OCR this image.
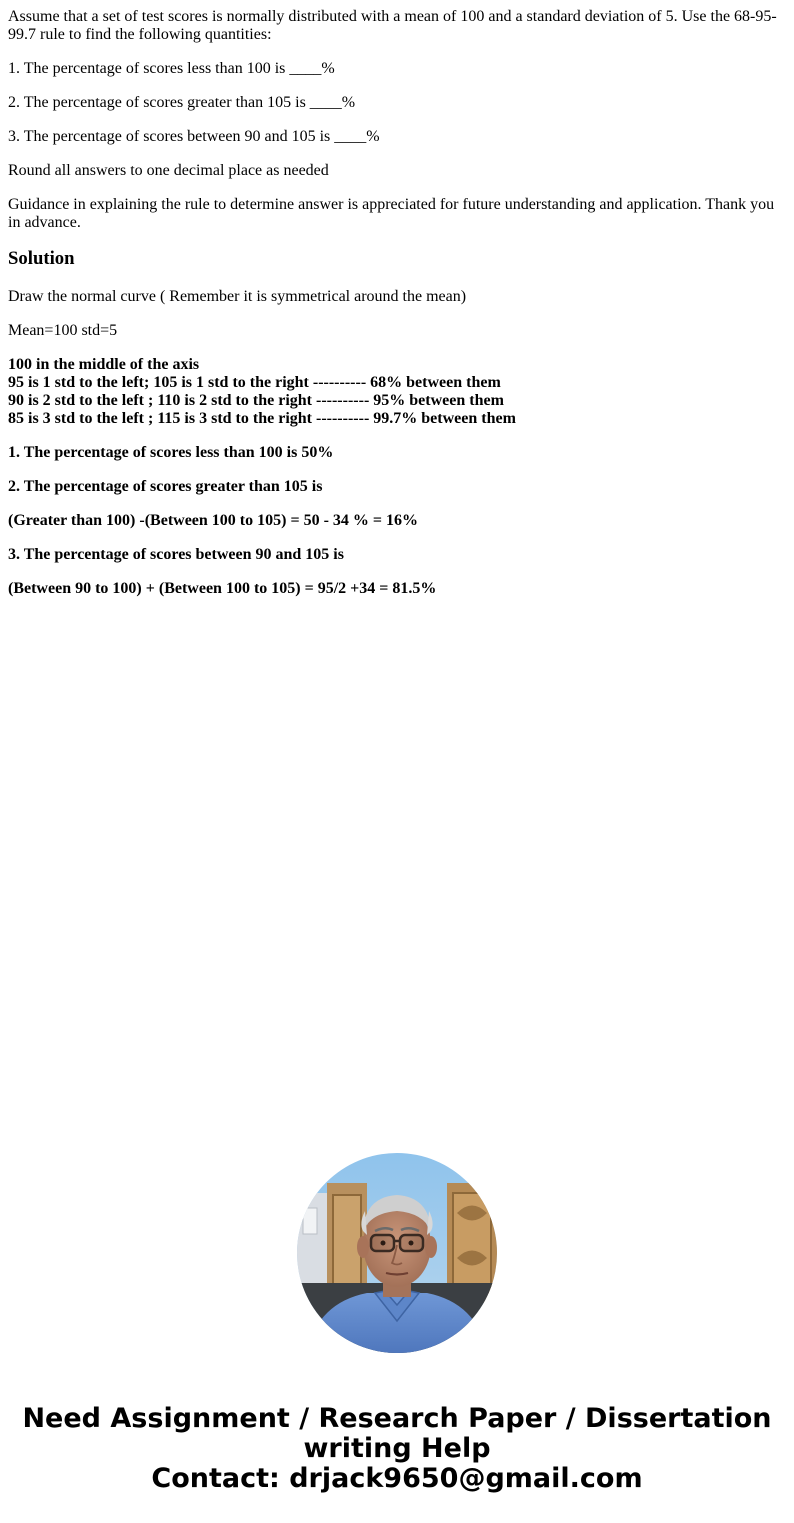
Assume that a set of test scores is normally distributed with a mean of 100 and a standard deviation of 5. Use the 68-95-99.7 rule to find the following quantities:

1. The percentage of scores less than 100 is ____%

2. The percentage of scores greater than 105 is ____%

3. The percentage of scores between 90 and 105 is ____%

Round all answers to one decimal place as needed

Guidance in explaining the rule to determine answer is appreciated for future understanding and application. Thank you in advance.

Solution

Draw the normal curve ( Remember it is symmetrical around the mean)

Mean=100 std=5

100 in the middle of the axis
95 is 1 std to the left; 105 is 1 std to the right ---------- 68% between them
90 is 2 std to the left ; 110 is 2 std to the right ---------- 95% between them
85 is 3 std to the left ; 115 is 3 std to the right ---------- 99.7% between them

1. The percentage of scores less than 100 is 50%

2. The percentage of scores greater than 105 is

(Greater than 100) -(Between 100 to 105) = 50 - 34 % = 16%

3. The percentage of scores between 90 and 105 is

(Between 90 to 100) + (Between 100 to 105) = 95/2 +34 = 81.5%

Need Assignment / Research Paper / Dissertation
writing Help
Contact: drjack9650@gmail.com
